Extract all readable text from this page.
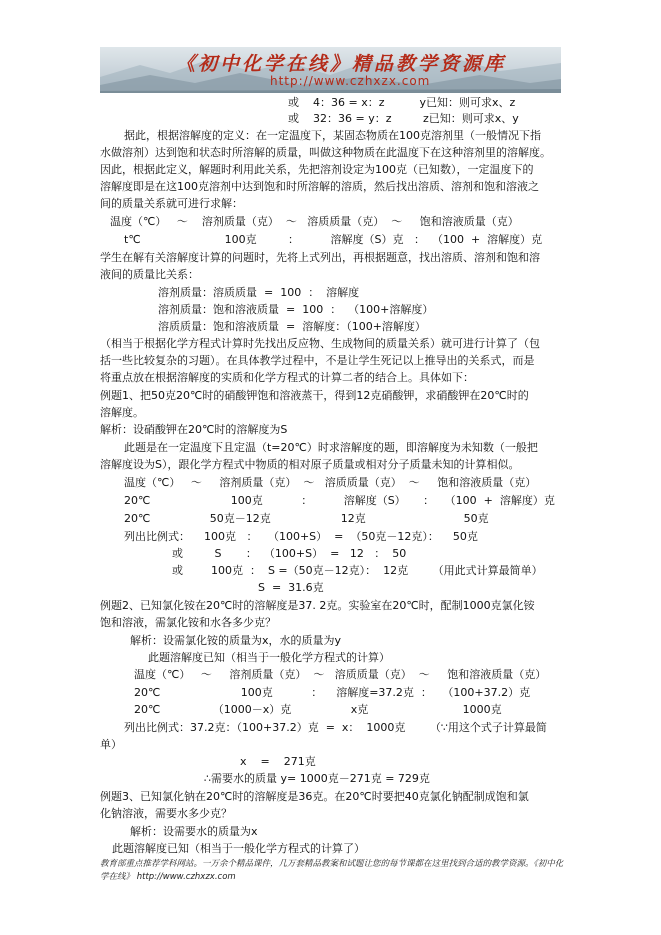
《初中化学在线》精品教学资源库
http://www.czhxzx.com
或    4：36 = x：z          y已知：则可求x、z
或    32：36 = y：z         z已知：则可求x、y
据此，根据溶解度的定义：在一定温度下，某固态物质在100克溶剂里（一般情况下指
水做溶剂）达到饱和状态时所溶解的质量，叫做这种物质在此温度下在这种溶剂里的溶解度。
因此，根据此定义，解题时利用此关系，先把溶剂设定为100克（已知数），一定温度下的
溶解度即是在这100克溶剂中达到饱和时所溶解的溶质，然后找出溶质、溶剂和饱和溶液之
间的质量关系就可进行求解：
温度（℃）   ～    溶剂质量（克）  ～   溶质质量（克）  ～     饱和溶液质量（克）
t℃                        100克         ：         溶解度（S）克   ：  （100  +  溶解度）克
学生在解有关溶解度计算的问题时，先将上式列出，再根据题意，找出溶质、溶剂和饱和溶
液间的质量比关系：
溶剂质量：溶质质量  =  100  ：  溶解度
溶剂质量：饱和溶液质量  =  100  ：  （100+溶解度）
溶质质量：饱和溶液质量  =  溶解度：（100+溶解度）
（相当于根据化学方程式计算时先找出反应物、生成物间的质量关系）就可进行计算了（包
括一些比较复杂的习题）。在具体教学过程中，不是让学生死记以上推导出的关系式，而是
将重点放在根据溶解度的实质和化学方程式的计算二者的结合上。具体如下：
例题1、把50克20℃时的硝酸钾饱和溶液蒸干，得到12克硝酸钾，求硝酸钾在20℃时的
溶解度。
解析：设硝酸钾在20℃时的溶解度为S
此题是在一定温度下且定温（t=20℃）时求溶解度的题，即溶解度为未知数（一般把
溶解度设为S），跟化学方程式中物质的相对原子质量或相对分子质量未知的计算相似。
温度（℃）   ～     溶剂质量（克）  ～   溶质质量（克）  ～     饱和溶液质量（克）
20℃                       100克           ：         溶解度（S）     ：   （100  +  溶解度）克
20℃                 50克－12克                    12克                            50克
列出比例式：    100克   ：   （100+S）  =  （50克－12克）：    50克
或         S       ：  （100+S）  =   12   ：  50
或        100克  ：  S =（50克－12克）：  12克       （用此式计算最简单）
S  =  31.6克
例题2、已知氯化铵在20℃时的溶解度是37. 2克。实验室在20℃时，配制1000克氯化铵
饱和溶液，需氯化铵和水各多少克？
解析：设需氯化铵的质量为x，水的质量为y
此题溶解度已知（相当于一般化学方程式的计算）
温度（℃）   ～     溶剂质量（克）  ～   溶质质量（克）  ～     饱和溶液质量（克）
20℃                       100克           ：    溶解度=37.2克  ：   （100+37.2）克
20℃               （1000－x）克                 x克                           1000克
列出比例式：37.2克：（100+37.2）克  =  x：  1000克       （∵用这个式子计算最简
单）
x    =    271克
∴需要水的质量 y= 1000克－271克 = 729克
例题3、已知氯化钠在20℃时的溶解度是36克。在20℃时要把40克氯化钠配制成饱和氯
化钠溶液，需要水多少克？
解析：设需要水的质量为x
此题溶解度已知（相当于一般化学方程式的计算了）
教育部重点推荐学科网站。一万余个精品课件，几万套精品教案和试题让您的每节课都在这里找到合适的教学资源。《初中化学在线》 http://www.czhxzx.com
